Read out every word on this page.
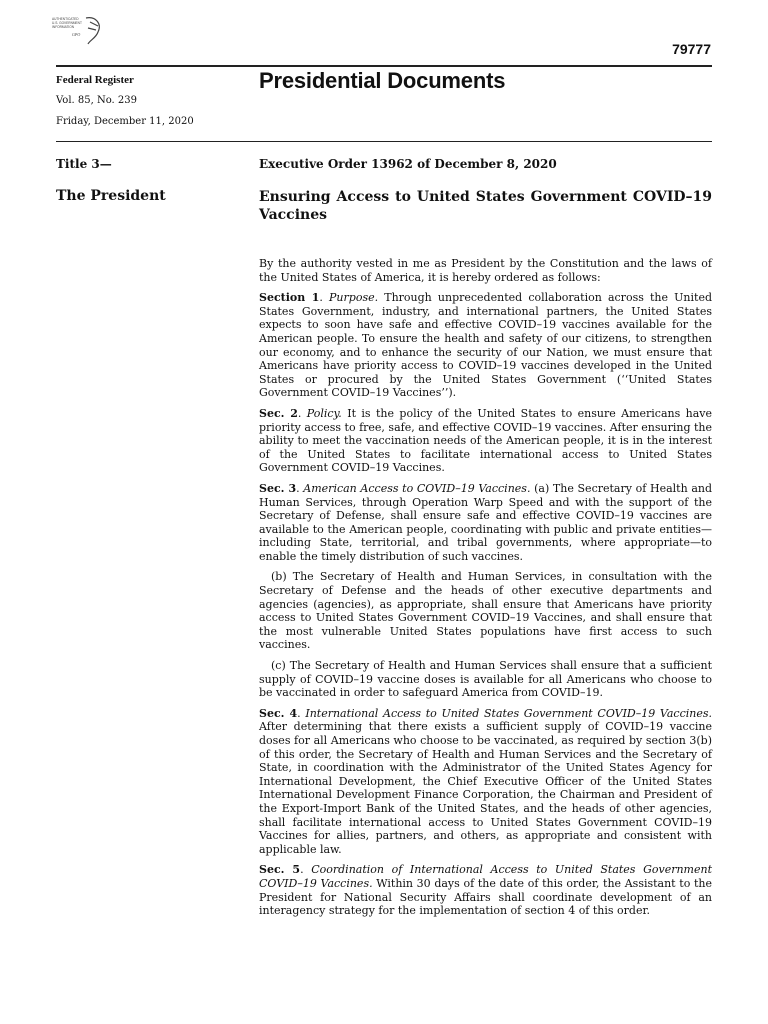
AUTHENTICATED
U.S. GOVERNMENT
INFORMATION
GPO
79777
Federal Register
Vol. 85, No. 239
Friday, December 11, 2020
Presidential Documents
Title 3—
The President
Executive Order 13962 of December 8, 2020
Ensuring Access to United States Government COVID–19 Vaccines

By the authority vested in me as President by the Constitution and the laws of the United States of America, it is hereby ordered as follows:

Section 1. Purpose. Through unprecedented collaboration across the United States Government, industry, and international partners, the United States expects to soon have safe and effective COVID–19 vaccines available for the American people. To ensure the health and safety of our citizens, to strengthen our economy, and to enhance the security of our Nation, we must ensure that Americans have priority access to COVID–19 vaccines developed in the United States or procured by the United States Government (‘‘United States Government COVID–19 Vaccines’’).

Sec. 2. Policy. It is the policy of the United States to ensure Americans have priority access to free, safe, and effective COVID–19 vaccines. After ensuring the ability to meet the vaccination needs of the American people, it is in the interest of the United States to facilitate international access to United States Government COVID–19 Vaccines.

Sec. 3. American Access to COVID–19 Vaccines. (a) The Secretary of Health and Human Services, through Operation Warp Speed and with the support of the Secretary of Defense, shall ensure safe and effective COVID–19 vaccines are available to the American people, coordinating with public and private entities—including State, territorial, and tribal governments, where appropriate—to enable the timely distribution of such vaccines.

(b) The Secretary of Health and Human Services, in consultation with the Secretary of Defense and the heads of other executive departments and agencies (agencies), as appropriate, shall ensure that Americans have priority access to United States Government COVID–19 Vaccines, and shall ensure that the most vulnerable United States populations have first access to such vaccines.

(c) The Secretary of Health and Human Services shall ensure that a sufficient supply of COVID–19 vaccine doses is available for all Americans who choose to be vaccinated in order to safeguard America from COVID–19.

Sec. 4. International Access to United States Government COVID–19 Vaccines. After determining that there exists a sufficient supply of COVID–19 vaccine doses for all Americans who choose to be vaccinated, as required by section 3(b) of this order, the Secretary of Health and Human Services and the Secretary of State, in coordination with the Administrator of the United States Agency for International Development, the Chief Executive Officer of the United States International Development Finance Corporation, the Chairman and President of the Export-Import Bank of the United States, and the heads of other agencies, shall facilitate international access to United States Government COVID–19 Vaccines for allies, partners, and others, as appropriate and consistent with applicable law.

Sec. 5. Coordination of International Access to United States Government COVID–19 Vaccines. Within 30 days of the date of this order, the Assistant to the President for National Security Affairs shall coordinate development of an interagency strategy for the implementation of section 4 of this order.
